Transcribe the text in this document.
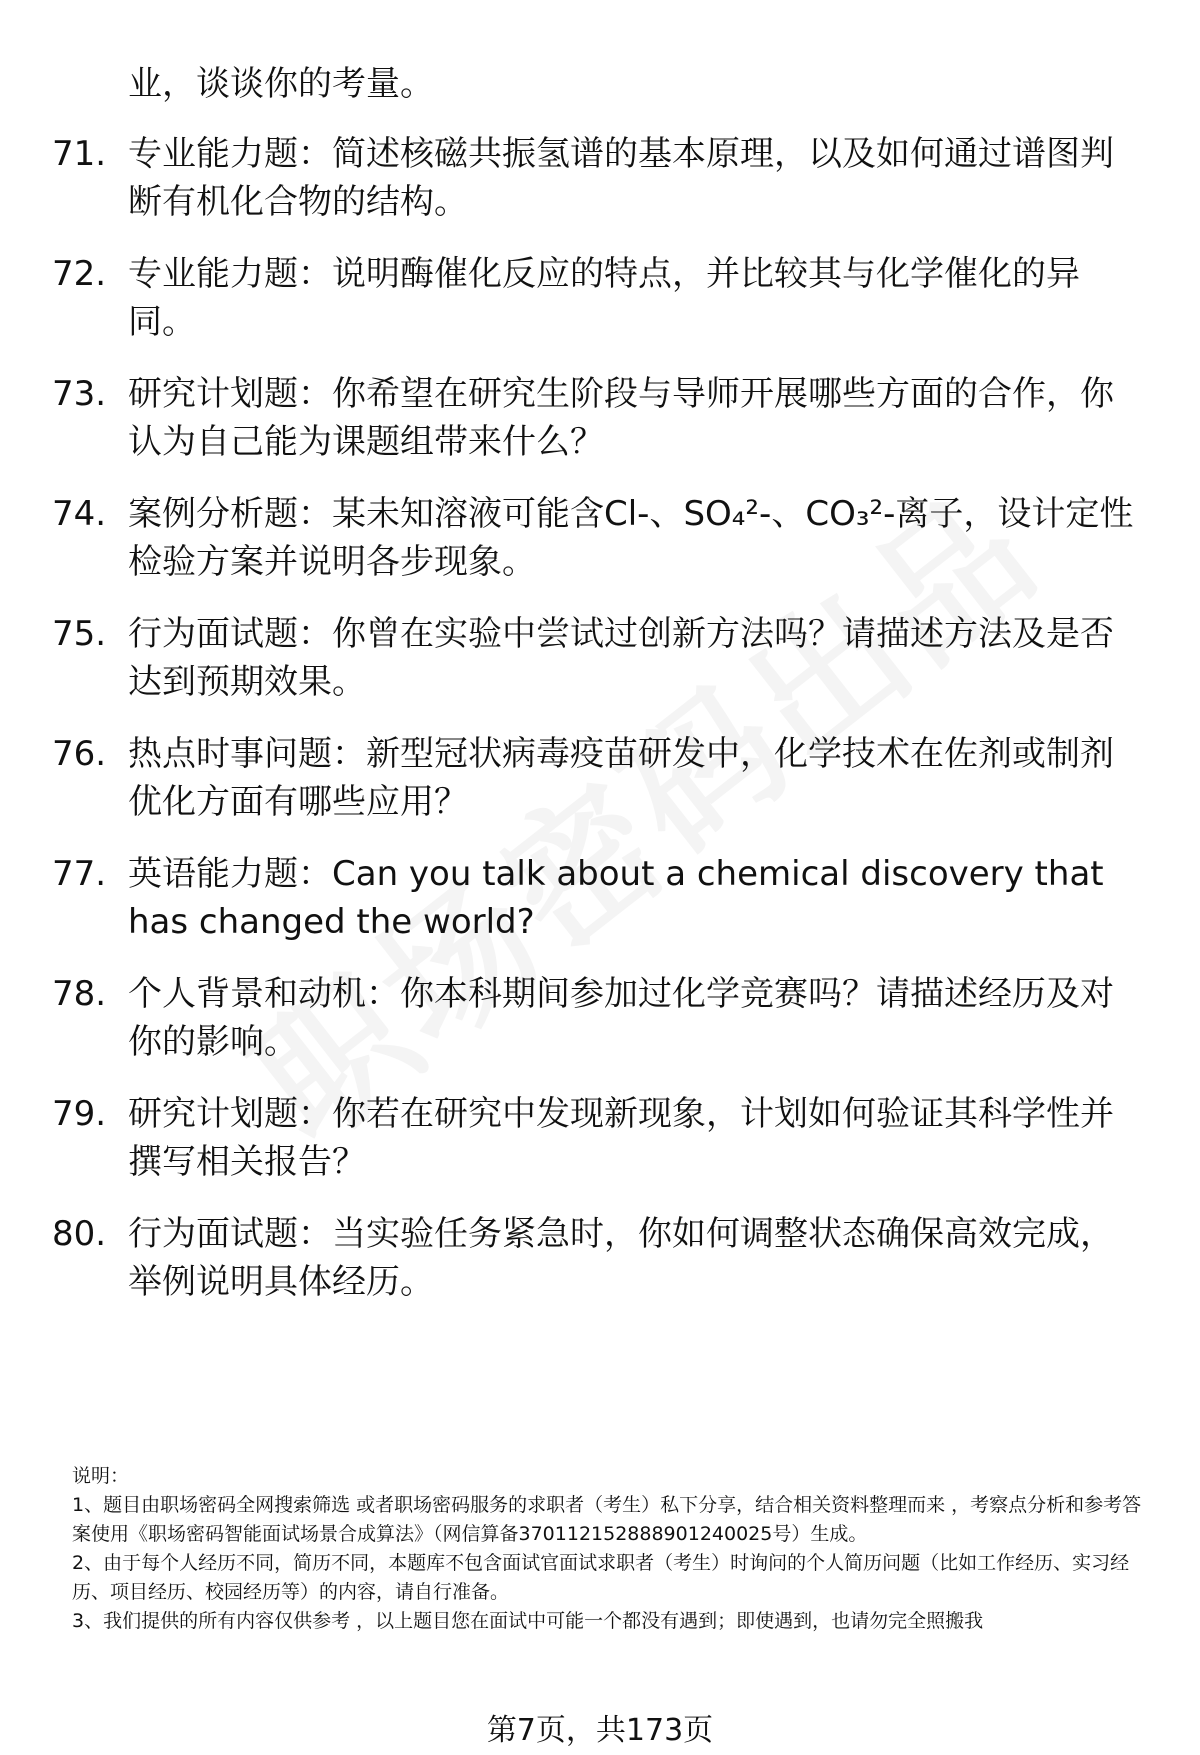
业，谈谈你的考量。
71. 专业能力题：简述核磁共振氢谱的基本原理，以及如何通过谱图判断有机化合物的结构。
72. 专业能力题：说明酶催化反应的特点，并比较其与化学催化的异同。
73. 研究计划题：你希望在研究生阶段与导师开展哪些方面的合作，你认为自己能为课题组带来什么？
74. 案例分析题：某未知溶液可能含Cl-、SO₄²-、CO₃²-离子，设计定性检验方案并说明各步现象。
75. 行为面试题：你曾在实验中尝试过创新方法吗？请描述方法及是否达到预期效果。
76. 热点时事问题：新型冠状病毒疫苗研发中，化学技术在佐剂或制剂优化方面有哪些应用？
77. 英语能力题：Can you talk about a chemical discovery that has changed the world?
78. 个人背景和动机：你本科期间参加过化学竞赛吗？请描述经历及对你的影响。
79. 研究计划题：你若在研究中发现新现象，计划如何验证其科学性并撰写相关报告？
80. 行为面试题：当实验任务紧急时，你如何调整状态确保高效完成，举例说明具体经历。
说明：
1、题目由职场密码全网搜索筛选 或者职场密码服务的求职者（考生）私下分享，结合相关资料整理而来 ，考察点分析和参考答案使用《职场密码智能面试场景合成算法》（网信算备370112152888901240025号）生成。
2、由于每个人经历不同，简历不同，本题库不包含面试官面试求职者（考生）时询问的个人简历问题（比如工作经历、实习经历、项目经历、校园经历等）的内容，请自行准备。
3、我们提供的所有内容仅供参考 ，以上题目您在面试中可能一个都没有遇到；即使遇到，也请勿完全照搬我
第7页，共173页
